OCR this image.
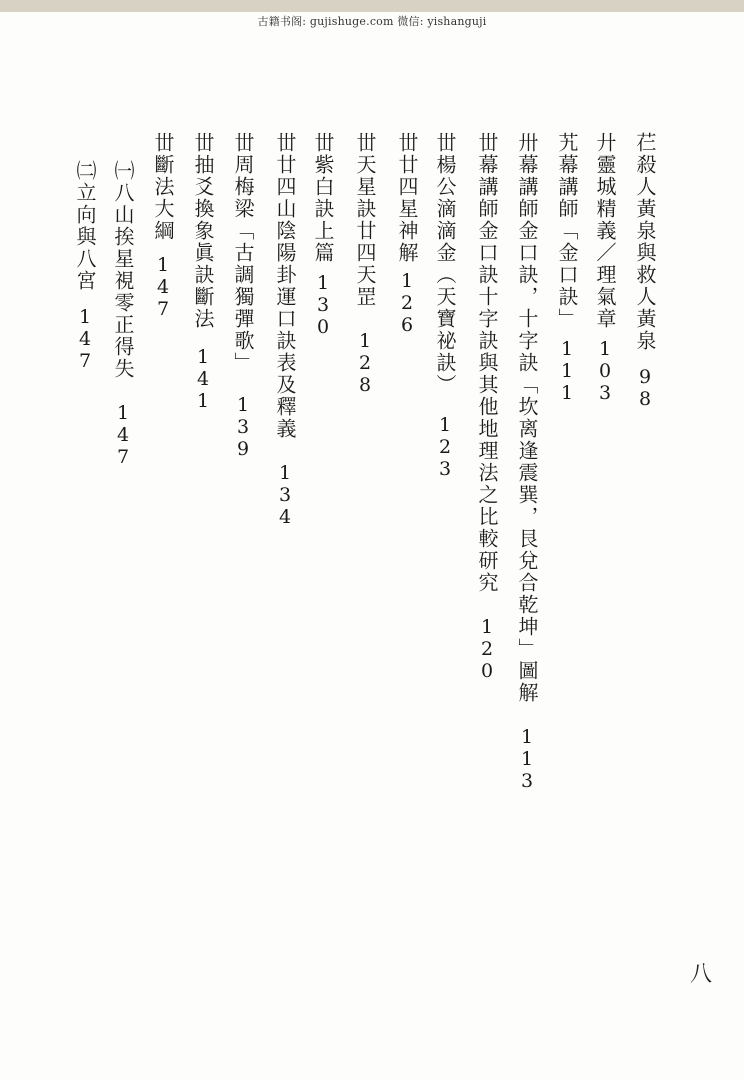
古籍书阁: gujishuge.com 微信: yishanguji
芢殺人黃泉與救人黃泉98
廾靈城精義／理氣章103
艽幕講師「金口訣」111
卅幕講師金口訣，十字訣「坎离逢震巽，艮兌合乾坤」圖解113
丗幕講師金口訣十字訣與其他地理法之比較研究120
丗楊公滴滴金（天寶祕訣）123
丗廿四星神解126
丗天星訣廿四天罡128
丗紫白訣上篇130
丗廿四山陰陽卦運口訣表及釋義134
丗周梅梁「古調獨彈歌」139
丗抽爻換象眞訣斷法141
丗斷法大綱147
㈠八山挨星視零正得失147
㈡立向與八宮147
八
